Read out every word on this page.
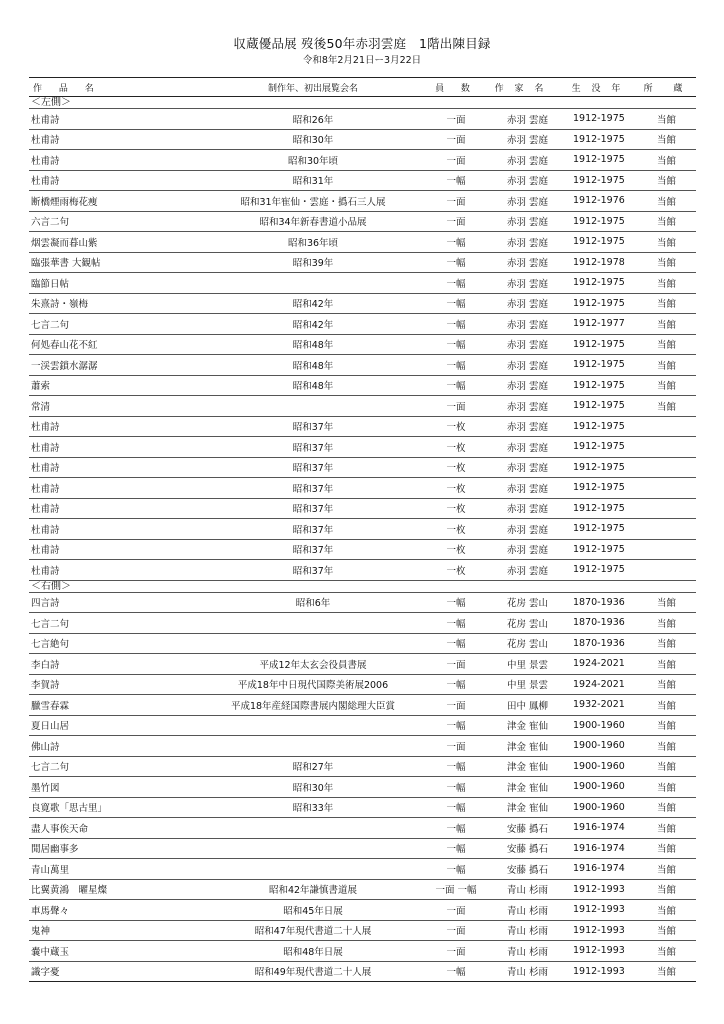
収蔵優品展 歿後50年赤羽雲庭　1階出陳目録
令和8年2月21日ー3月22日
作 品 名	制作年、初出展覧会名	員 数	作 家 名	生 没 年	所 蔵
＜左側＞					
杜甫詩	昭和26年	一面	赤羽 雲庭	1912-1975	当館
杜甫詩	昭和30年	一面	赤羽 雲庭	1912-1975	当館
杜甫詩	昭和30年頃	一面	赤羽 雲庭	1912-1975	当館
杜甫詩	昭和31年	一幅	赤羽 雲庭	1912-1975	当館
断橋煙雨梅花痩	昭和31年寉仙・雲庭・撝石三人展	一面	赤羽 雲庭	1912-1976	当館
六言二句	昭和34年新春書道小品展	一面	赤羽 雲庭	1912-1975	当館
烟雲凝而暮山紫	昭和36年頃	一幅	赤羽 雲庭	1912-1975	当館
臨張華書 大観帖	昭和39年	一幅	赤羽 雲庭	1912-1978	当館
臨節日帖		一幅	赤羽 雲庭	1912-1975	当館
朱熹詩・嶺梅	昭和42年	一幅	赤羽 雲庭	1912-1975	当館
七言二句	昭和42年	一幅	赤羽 雲庭	1912-1977	当館
何処春山花不紅	昭和48年	一幅	赤羽 雲庭	1912-1975	当館
一渓雲鎖水潺潺	昭和48年	一幅	赤羽 雲庭	1912-1975	当館
蕭索	昭和48年	一幅	赤羽 雲庭	1912-1975	当館
常清		一面	赤羽 雲庭	1912-1975	当館
杜甫詩	昭和37年	一枚	赤羽 雲庭	1912-1975	
杜甫詩	昭和37年	一枚	赤羽 雲庭	1912-1975	
杜甫詩	昭和37年	一枚	赤羽 雲庭	1912-1975	
杜甫詩	昭和37年	一枚	赤羽 雲庭	1912-1975	
杜甫詩	昭和37年	一枚	赤羽 雲庭	1912-1975	
杜甫詩	昭和37年	一枚	赤羽 雲庭	1912-1975	
杜甫詩	昭和37年	一枚	赤羽 雲庭	1912-1975	
杜甫詩	昭和37年	一枚	赤羽 雲庭	1912-1975	
＜右側＞					
四言詩	昭和6年	一幅	花房 雲山	1870-1936	当館
七言二句		一幅	花房 雲山	1870-1936	当館
七言絶句		一幅	花房 雲山	1870-1936	当館
李白詩	平成12年太玄会役員書展	一面	中里 景雲	1924-2021	当館
李賀詩	平成18年中日現代国際美術展2006	一幅	中里 景雲	1924-2021	当館
臘雪春霖	平成18年産経国際書展内閣総理大臣賞	一面	田中 鳳柳	1932-2021	当館
夏日山居		一幅	津金 寉仙	1900-1960	当館
佛山詩		一面	津金 寉仙	1900-1960	当館
七言二句	昭和27年	一幅	津金 寉仙	1900-1960	当館
墨竹図	昭和30年	一幅	津金 寉仙	1900-1960	当館
良寛歌「思古里」	昭和33年	一幅	津金 寉仙	1900-1960	当館
盡人事俟天命		一幅	安藤 撝石	1916-1974	当館
閒居幽事多		一幅	安藤 撝石	1916-1974	当館
青山萬里		一幅	安藤 撝石	1916-1974	当館
比翼黄鴻　曜星燦	昭和42年謙慎書道展	一面 一幅	青山 杉雨	1912-1993	当館
車馬聲々	昭和45年日展	一面	青山 杉雨	1912-1993	当館
鬼神	昭和47年現代書道二十人展	一面	青山 杉雨	1912-1993	当館
嚢中蔵玉	昭和48年日展	一面	青山 杉雨	1912-1993	当館
識字憂	昭和49年現代書道二十人展	一幅	青山 杉雨	1912-1993	当館
